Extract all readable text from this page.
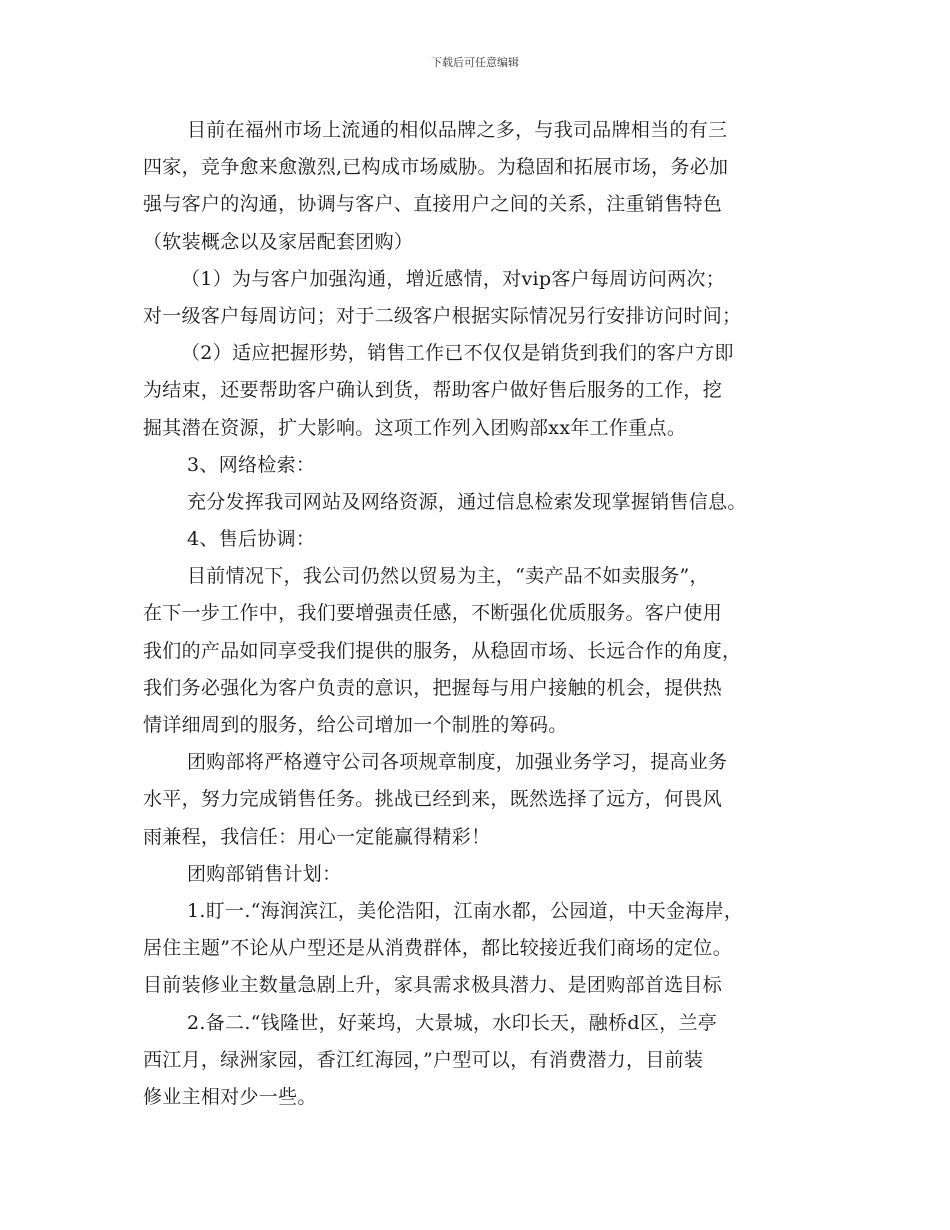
下载后可任意编辑
目前在福州市场上流通的相似品牌之多，与我司品牌相当的有三
四家，竞争愈来愈激烈,已构成市场威胁。为稳固和拓展市场，务必加
强与客户的沟通，协调与客户、直接用户之间的关系，注重销售特色
（软装概念以及家居配套团购）
（1）为与客户加强沟通，增近感情，对vip客户每周访问两次；
对一级客户每周访问；对于二级客户根据实际情况另行安排访问时间；
（2）适应把握形势，销售工作已不仅仅是销货到我们的客户方即
为结束，还要帮助客户确认到货，帮助客户做好售后服务的工作，挖
掘其潜在资源，扩大影响。这项工作列入团购部xx年工作重点。
3、网络检索：
充分发挥我司网站及网络资源，通过信息检索发现掌握销售信息。
4、售后协调：
目前情况下，我公司仍然以贸易为主，“卖产品不如卖服务”，
在下一步工作中，我们要增强责任感，不断强化优质服务。客户使用
我们的产品如同享受我们提供的服务，从稳固市场、长远合作的角度，
我们务必强化为客户负责的意识，把握每与用户接触的机会，提供热
情详细周到的服务，给公司增加一个制胜的筹码。
团购部将严格遵守公司各项规章制度，加强业务学习，提高业务
水平，努力完成销售任务。挑战已经到来，既然选择了远方，何畏风
雨兼程，我信任：用心一定能赢得精彩！
团购部销售计划：
1.盯一.“海润滨江，美伦浩阳，江南水都，公园道，中天金海岸，
居住主题”不论从户型还是从消费群体，都比较接近我们商场的定位。
目前装修业主数量急剧上升，家具需求极具潜力、是团购部首选目标
2.备二.“钱隆世，好莱坞，大景城，水印长天，融桥d区，兰亭
西江月，绿洲家园，香江红海园，”户型可以，有消费潜力，目前装
修业主相对少一些。
